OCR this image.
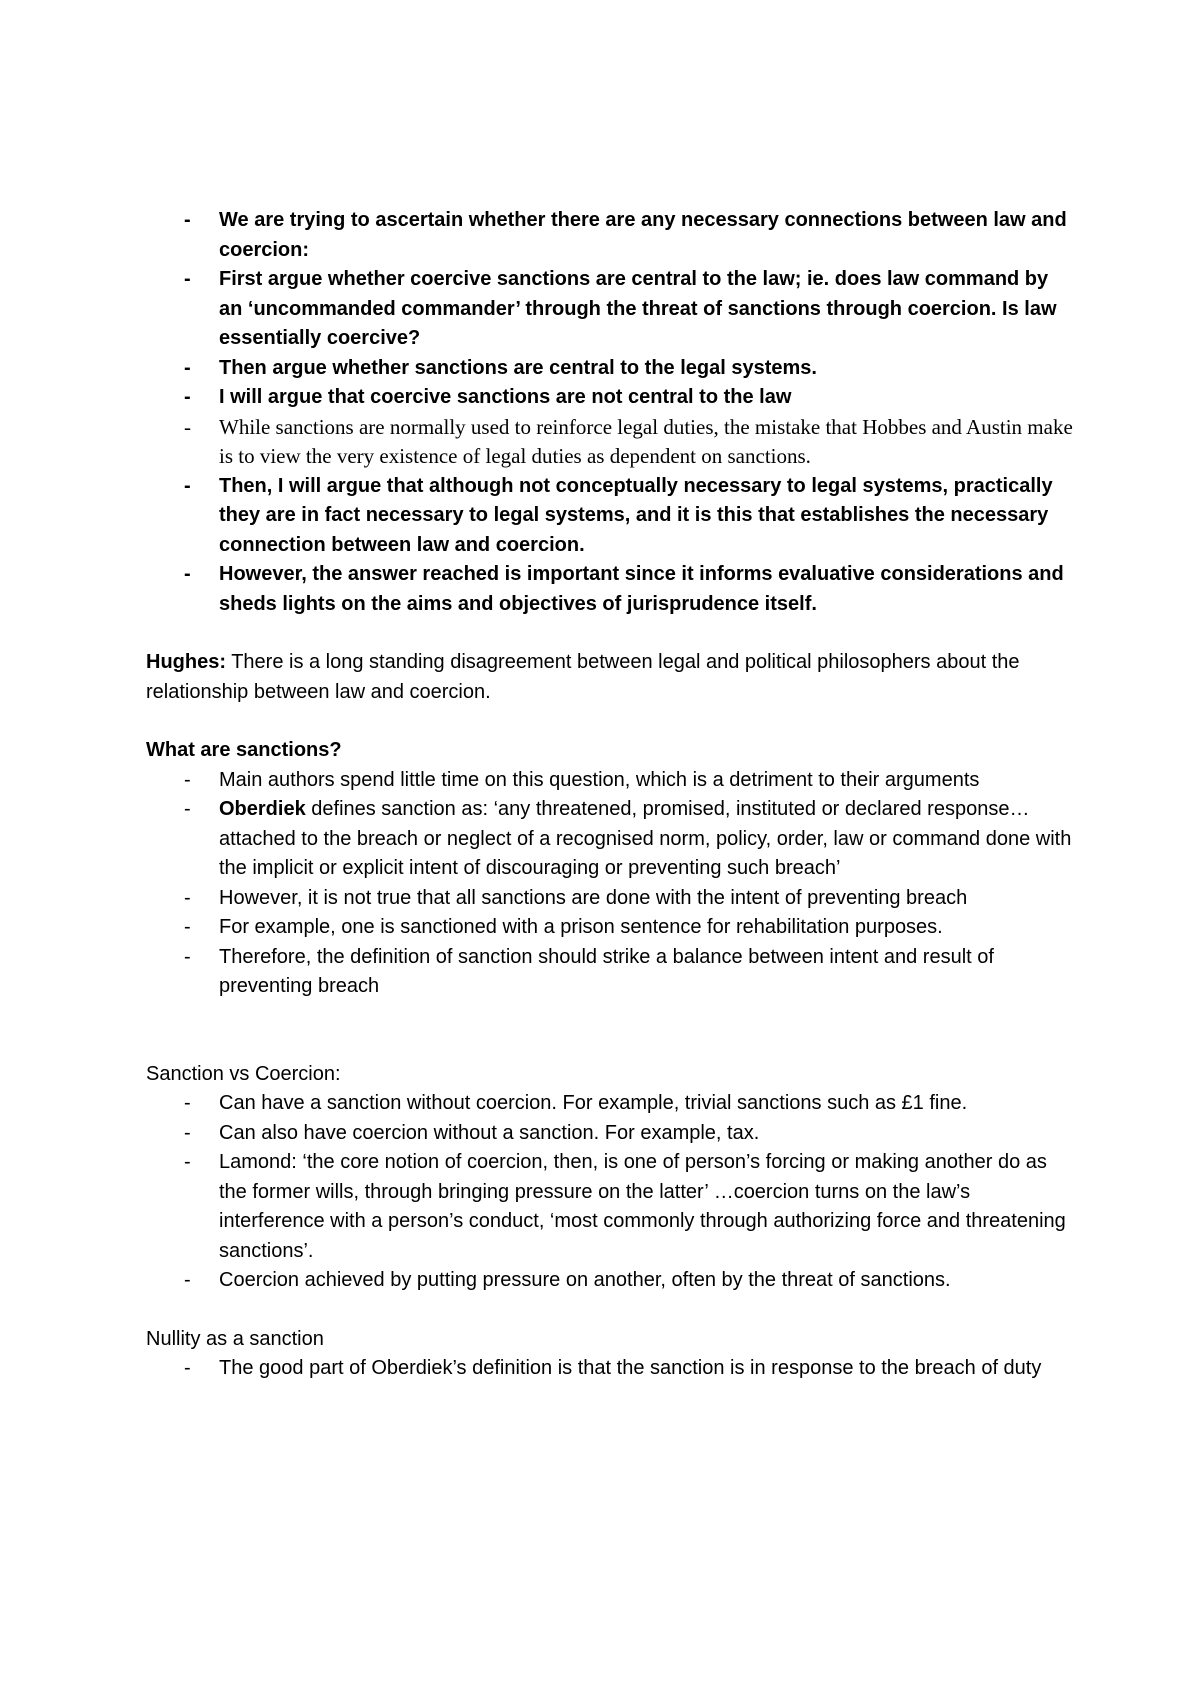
- We are trying to ascertain whether there are any necessary connections between law and coercion:
- First argue whether coercive sanctions are central to the law; ie. does law command by an ‘uncommanded commander’ through the threat of sanctions through coercion. Is law essentially coercive?
- Then argue whether sanctions are central to the legal systems.
- I will argue that coercive sanctions are not central to the law
- While sanctions are normally used to reinforce legal duties, the mistake that Hobbes and Austin make is to view the very existence of legal duties as dependent on sanctions.
- Then, I will argue that although not conceptually necessary to legal systems, practically they are in fact necessary to legal systems, and it is this that establishes the necessary connection between law and coercion.
- However, the answer reached is important since it informs evaluative considerations and sheds lights on the aims and objectives of jurisprudence itself.

Hughes: There is a long standing disagreement between legal and political philosophers about the relationship between law and coercion.

What are sanctions?

- Main authors spend little time on this question, which is a detriment to their arguments
- Oberdiek defines sanction as: ‘any threatened, promised, instituted or declared response…attached to the breach or neglect of a recognised norm, policy, order, law or command done with the implicit or explicit intent of discouraging or preventing such breach’
- However, it is not true that all sanctions are done with the intent of preventing breach
- For example, one is sanctioned with a prison sentence for rehabilitation purposes.
- Therefore, the definition of sanction should strike a balance between intent and result of preventing breach

Sanction vs Coercion:

- Can have a sanction without coercion. For example, trivial sanctions such as £1 fine.
- Can also have coercion without a sanction. For example, tax.
- Lamond: ‘the core notion of coercion, then, is one of person’s forcing or making another do as the former wills, through bringing pressure on the latter’ …coercion turns on the law’s interference with a person’s conduct, ‘most commonly through authorizing force and threatening sanctions’.
- Coercion achieved by putting pressure on another, often by the threat of sanctions.

Nullity as a sanction

- The good part of Oberdiek’s definition is that the sanction is in response to the breach of duty
